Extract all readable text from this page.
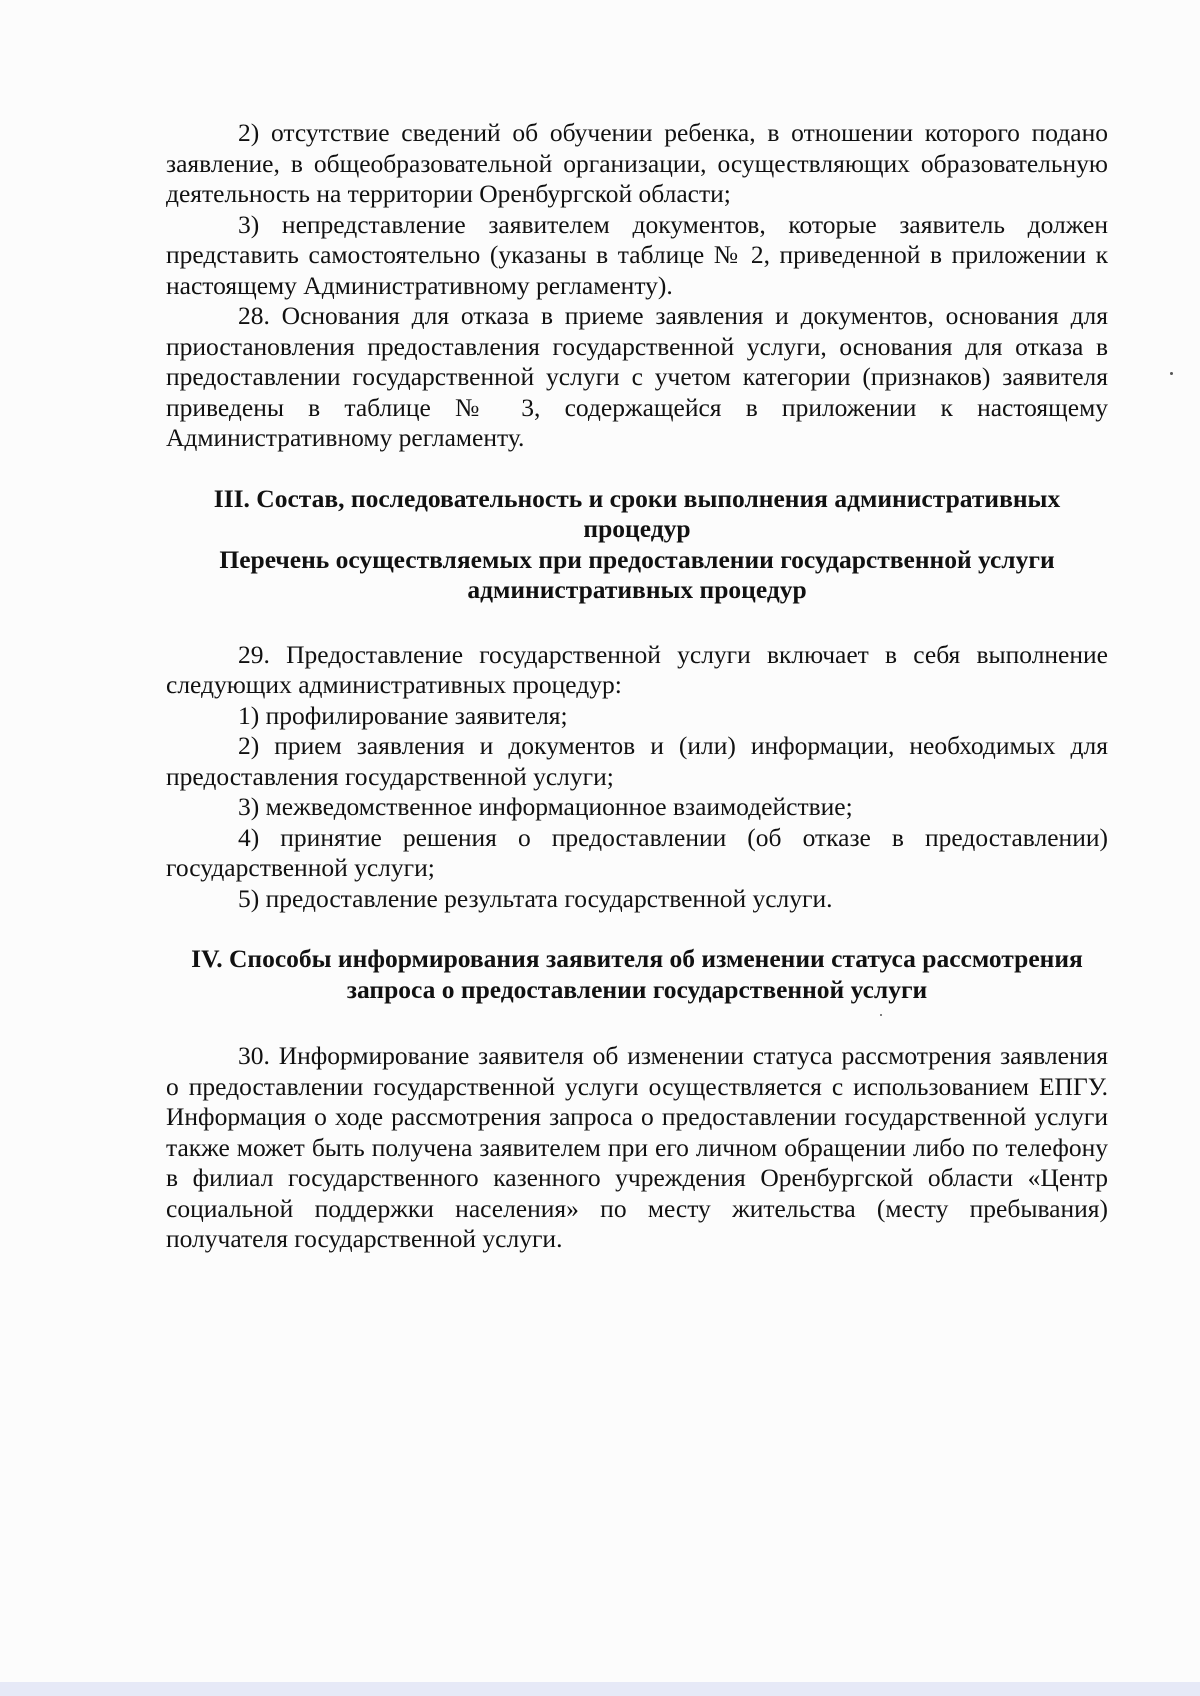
2) отсутствие сведений об обучении ребенка, в отношении которого подано заявление, в общеобразовательной организации, осуществляющих образовательную деятельность на территории Оренбургской области;

3) непредставление заявителем документов, которые заявитель должен представить самостоятельно (указаны в таблице № 2, приведенной в приложении к настоящему Административному регламенту).

28. Основания для отказа в приеме заявления и документов, основания для приостановления предоставления государственной услуги, основания для отказа в предоставлении государственной услуги с учетом категории (признаков) заявителя приведены в таблице № 3, содержащейся в приложении к настоящему Административному регламенту.

III. Состав, последовательность и сроки выполнения административных процедур

Перечень осуществляемых при предоставлении государственной услуги административных процедур

29. Предоставление государственной услуги включает в себя выполнение следующих административных процедур:

1) профилирование заявителя;

2) прием заявления и документов и (или) информации, необходимых для предоставления государственной услуги;

3) межведомственное информационное взаимодействие;

4) принятие решения о предоставлении (об отказе в предоставлении) государственной услуги;

5) предоставление результата государственной услуги.

IV. Способы информирования заявителя об изменении статуса рассмотрения запроса о предоставлении государственной услуги

30. Информирование заявителя об изменении статуса рассмотрения заявления о предоставлении государственной услуги осуществляется с использованием ЕПГУ. Информация о ходе рассмотрения запроса о предоставлении государственной услуги также может быть получена заявителем при его личном обращении либо по телефону в филиал государственного казенного учреждения Оренбургской области «Центр социальной поддержки населения» по месту жительства (месту пребывания) получателя государственной услуги.
